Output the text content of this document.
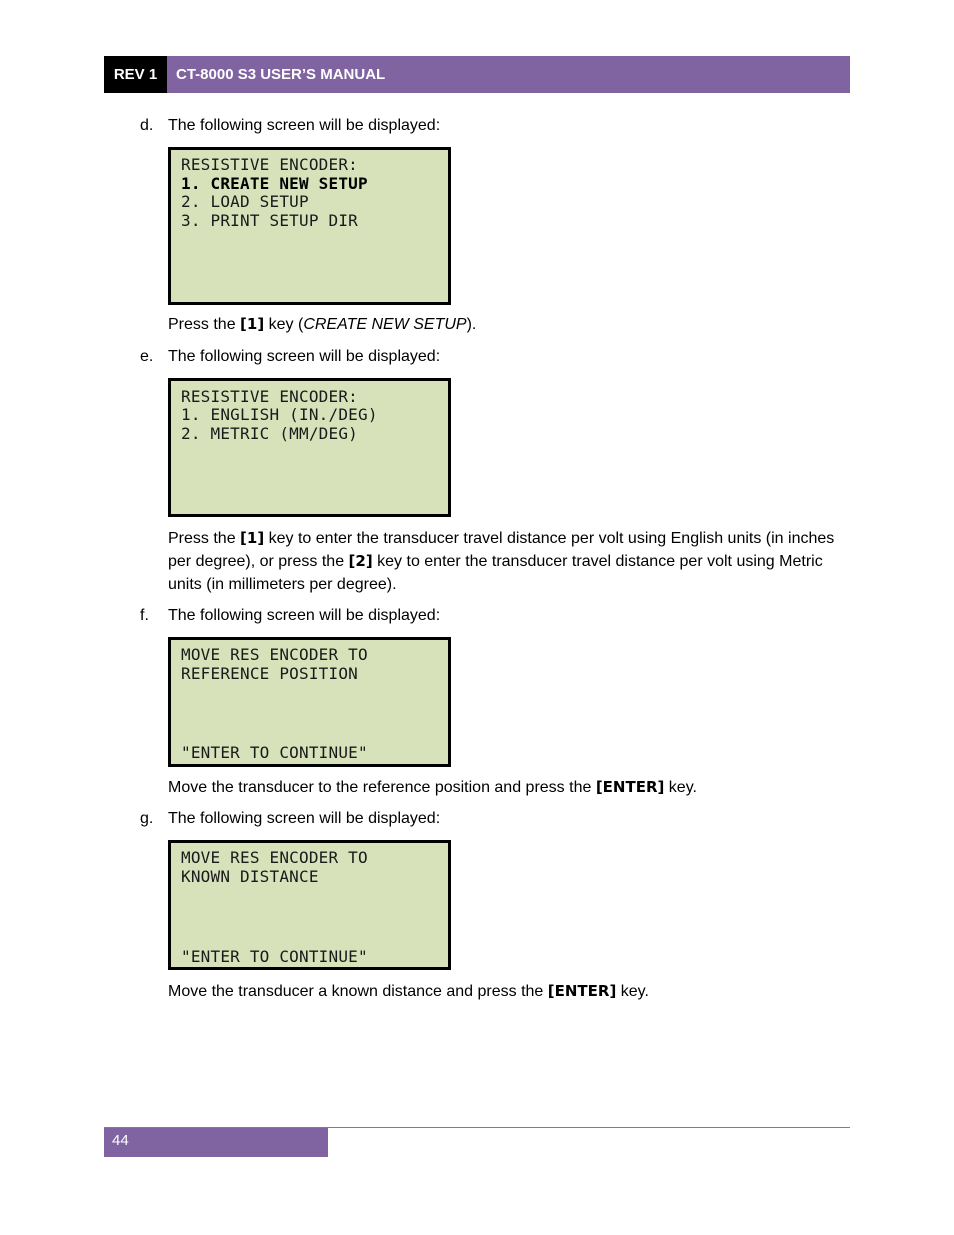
REV 1	CT-8000 S3 USER’S MANUAL
d. The following screen will be displayed:
RESISTIVE ENCODER:
1. CREATE NEW SETUP
2. LOAD SETUP
3. PRINT SETUP DIR
Press the [1] key (CREATE NEW SETUP).
e. The following screen will be displayed:
RESISTIVE ENCODER:
1. ENGLISH (IN./DEG)
2. METRIC (MM/DEG)
Press the [1] key to enter the transducer travel distance per volt using English units (in inches per degree), or press the [2] key to enter the transducer travel distance per volt using Metric units (in millimeters per degree).
f. The following screen will be displayed:
MOVE RES ENCODER TO
REFERENCE POSITION
"ENTER TO CONTINUE"
Move the transducer to the reference position and press the [ENTER] key.
g. The following screen will be displayed:
MOVE RES ENCODER TO
KNOWN DISTANCE
"ENTER TO CONTINUE"
Move the transducer a known distance and press the [ENTER] key.
44
